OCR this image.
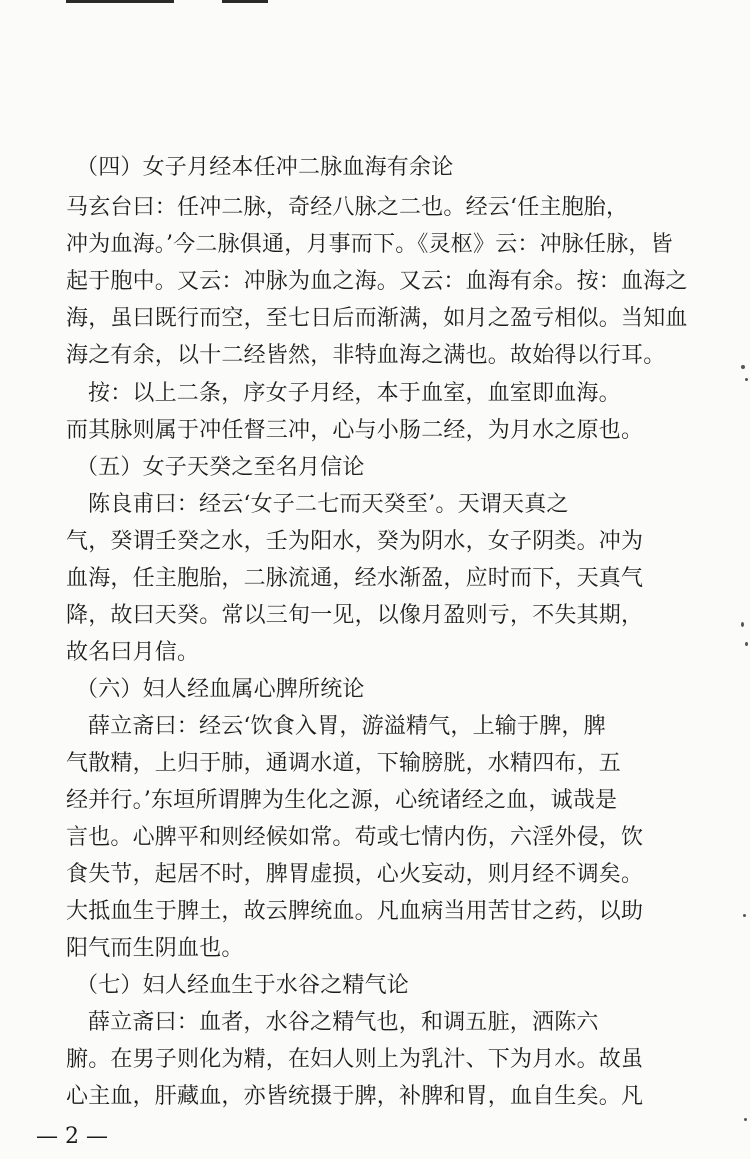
（四）女子月经本任冲二脉血海有余论
马玄台曰：任冲二脉，奇经八脉之二也。经云‘任主胞胎，
冲为血海。’今二脉俱通，月事而下。《灵枢》云：冲脉任脉，皆
起于胞中。又云：冲脉为血之海。又云：血海有余。按：血海之
海，虽曰既行而空，至七日后而渐满，如月之盈亏相似。当知血
海之有余，以十二经皆然，非特血海之满也。故始得以行耳。
按：以上二条，序女子月经，本于血室，血室即血海。
而其脉则属于冲任督三冲，心与小肠二经，为月水之原也。
（五）女子天癸之至名月信论
陈良甫曰：经云‘女子二七而天癸至’。天谓天真之
气，癸谓壬癸之水，壬为阳水，癸为阴水，女子阴类。冲为
血海，任主胞胎，二脉流通，经水渐盈，应时而下，天真气
降，故曰天癸。常以三旬一见，以像月盈则亏，不失其期，
故名曰月信。
（六）妇人经血属心脾所统论
薛立斋曰：经云‘饮食入胃，游溢精气，上输于脾，脾
气散精，上归于肺，通调水道，下输膀胱，水精四布，五
经并行。’东垣所谓脾为生化之源，心统诸经之血，诚哉是
言也。心脾平和则经候如常。苟或七情内伤，六淫外侵，饮
食失节，起居不时，脾胃虚损，心火妄动，则月经不调矣。
大抵血生于脾土，故云脾统血。凡血病当用苦甘之药，以助
阳气而生阴血也。
（七）妇人经血生于水谷之精气论
薛立斋曰：血者，水谷之精气也，和调五脏，洒陈六
腑。在男子则化为精，在妇人则上为乳汁、下为月水。故虽
心主血，肝藏血，亦皆统摄于脾，补脾和胃，血自生矣。凡
— 2 —
